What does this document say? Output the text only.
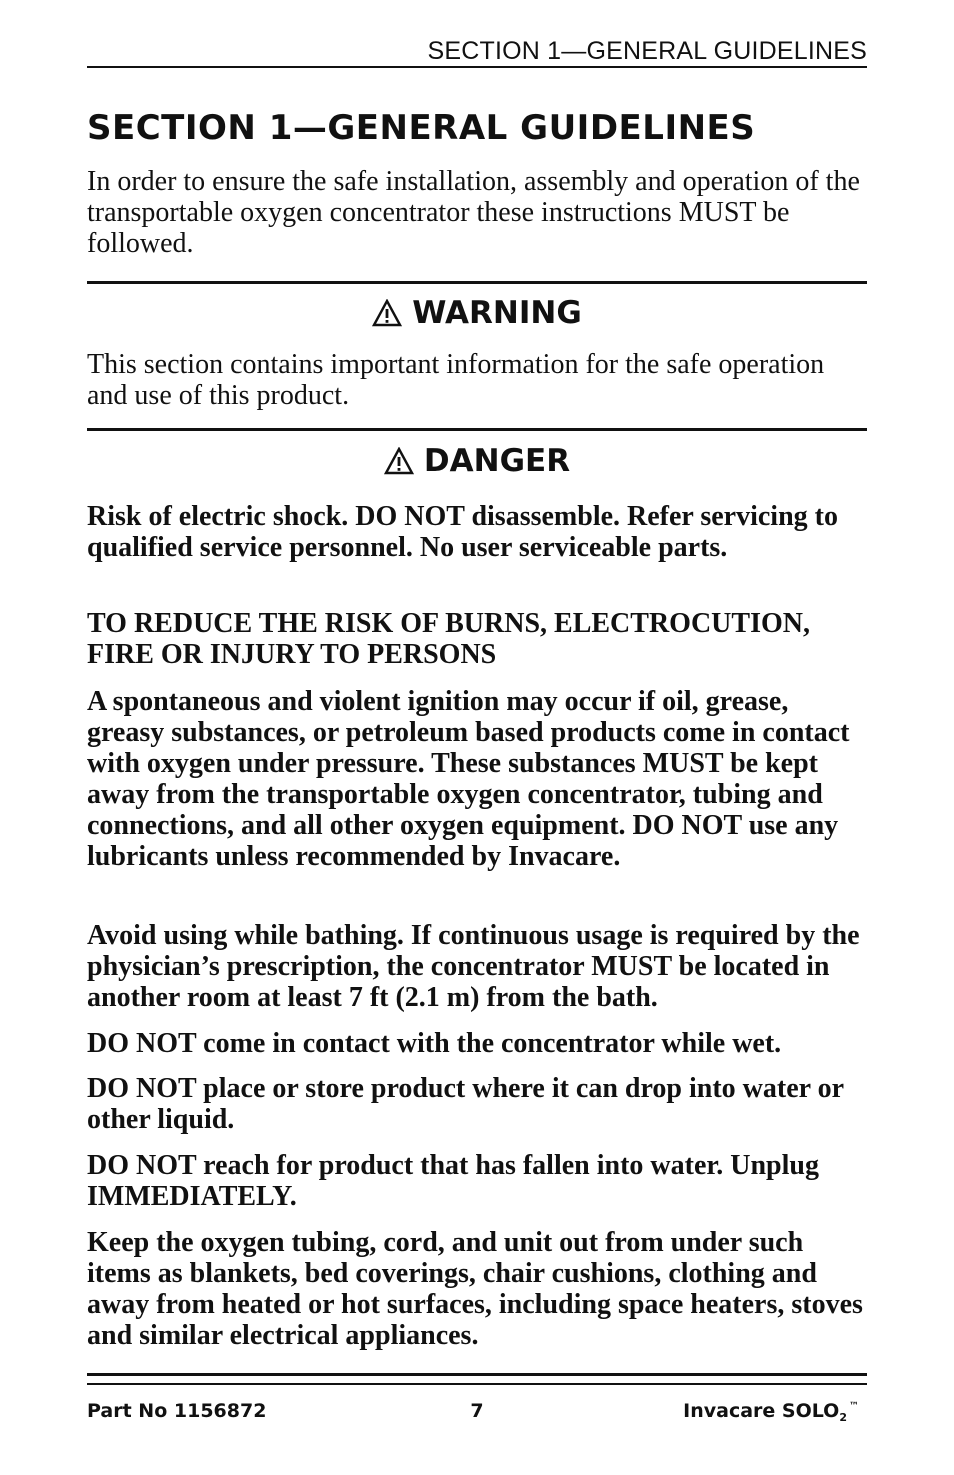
SECTION 1—GENERAL GUIDELINES
SECTION 1—GENERAL GUIDELINES
In order to ensure the safe installation, assembly and operation of the transportable oxygen concentrator these instructions MUST be followed.
WARNING
This section contains important information for the safe operation and use of this product.
DANGER
Risk of electric shock. DO NOT disassemble. Refer servicing to qualified service personnel. No user serviceable parts.
TO REDUCE THE RISK OF BURNS, ELECTROCUTION, FIRE OR INJURY TO PERSONS
A spontaneous and violent ignition may occur if oil, grease, greasy substances, or petroleum based products come in contact with oxygen under pressure. These substances MUST be kept away from the transportable oxygen concentrator, tubing and connections, and all other oxygen equipment. DO NOT use any lubricants unless recommended by Invacare.
Avoid using while bathing. If continuous usage is required by the physician’s prescription, the concentrator MUST be located in another room at least 7 ft (2.1 m) from the bath.
DO NOT come in contact with the concentrator while wet.
DO NOT place or store product where it can drop into water or other liquid.
DO NOT reach for product that has fallen into water. Unplug IMMEDIATELY.
Keep the oxygen tubing, cord, and unit out from under such items as blankets, bed coverings, chair cushions, clothing and away from heated or hot surfaces, including space heaters, stoves and similar electrical appliances.
Part No 1156872	7	Invacare $SOLO_2™$
